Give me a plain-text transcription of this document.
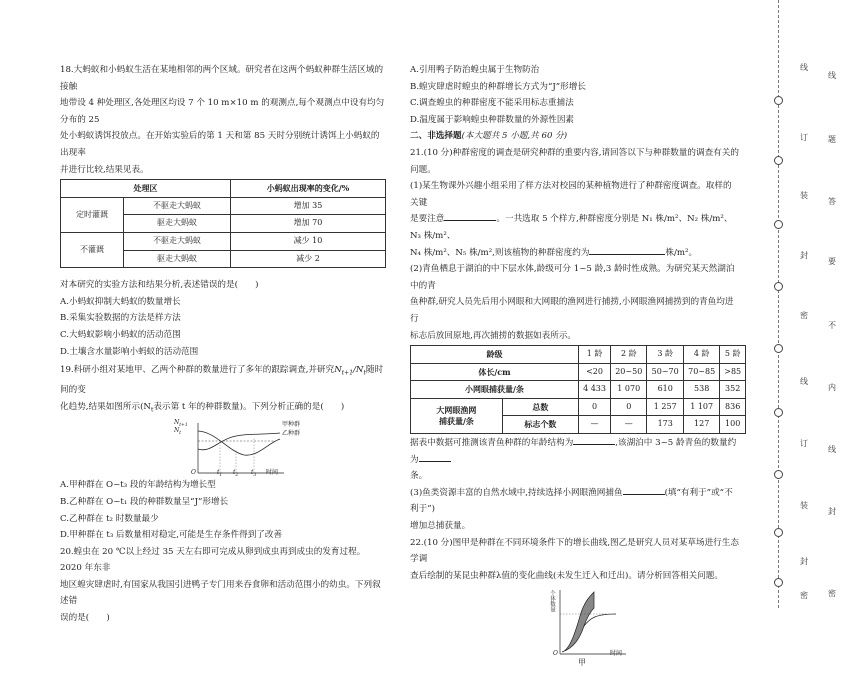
18.大蚂蚁和小蚂蚁生活在某地相邻的两个区域。研究者在这两个蚂蚁种群生活区域的接触

地带设 4 种处理区,各处理区均设 7 个 10 m×10 m 的观测点,每个观测点中设有均匀分布的 25

处小蚂蚁诱饵投放点。在开始实验后的第 1 天和第 85 天时分别统计诱饵上小蚂蚁的出现率

并进行比较,结果见表。

处理区		小蚂蚁出现率的变化/%
定时灌溉	不驱走大蚂蚁	增加 35
	驱走大蚂蚁	增加 70
不灌溉	不驱走大蚂蚁	减少 10
	驱走大蚂蚁	减少 2

对本研究的实验方法和结果分析,表述错误的是(　　)

A.小蚂蚁抑制大蚂蚁的数量增长

B.采集实验数据的方法是样方法

C.大蚂蚁影响小蚂蚁的活动范围

D.土壤含水量影响小蚂蚁的活动范围

19.科研小组对某地甲、乙两个种群的数量进行了多年的跟踪调查,并研究$N_{t+1}/N_t$随时间的变

化趋势,结果如图所示($N_t$表示第 t 年的种群数量)。下列分析正确的是(　　)

甲种群
乙种群
$N_{t+1}$
$N_t$
O	$t_1$ $t_2$ $t_3$ 时间

A.甲种群在 O~t₃ 段的年龄结构为增长型

B.乙种群在 O~t₁ 段的种群数量呈“J”形增长

C.乙种群在 t₂ 时数量最少

D.甲种群在 t₃ 后数量相对稳定,可能是生存条件得到了改善

20.蝗虫在 20 ℃以上经过 35 天左右即可完成从卵到成虫再到成虫的发育过程。2020 年东非

地区蝗灾肆虐时,有国家从我国引进鸭子专门用来吞食卵和活动范围小的幼虫。下列叙述错

误的是(　　)

A.引用鸭子防治蝗虫属于生物防治

B.蝗灾肆虐时蝗虫的种群增长方式为“J”形增长

C.调查蝗虫的种群密度不能采用标志重捕法

D.温度属于影响蝗虫种群数量的外源性因素

二、非选择题(本大题共 5 小题,共 60 分)

21.(10 分)种群密度的调查是研究种群的重要内容,请回答以下与种群数量的调查有关的问题。

(1)某生物课外兴趣小组采用了样方法对校园的某种植物进行了种群密度调查。取样的关键

是要注意	。一共选取 5 个样方,种群密度分别是 N₁ 株/m²、N₂ 株/m²、N₃ 株/m²、

N₄ 株/m²、N₅ 株/m²,则该植物的种群密度约为	株/m²。

(2)青鱼栖息于湖泊的中下层水体,龄级可分 1~5 龄,3 龄时性成熟。为研究某天然湖泊中的青

鱼种群,研究人员先后用小网眼和大网眼的渔网进行捕捞,小网眼渔网捕捞到的青鱼均进行

标志后放回原地,再次捕捞的数据如表所示。

龄级		1 龄	2 龄	3 龄	4 龄	5 龄
体长/cm		<20	20~50	50~70	70~85	>85
小网眼捕获量/条		4 433	1 070	610	538	352
大网眼渔网
捕获量/条	总数	0	0	1 257	1 107	836
	标志个数	—	—	173	127	100

据表中数据可推测该青鱼种群的年龄结构为	,该湖泊中 3~5 龄青鱼的数量约为

条。

(3)鱼类资源丰富的自然水域中,持续选择小网眼渔网捕鱼	(填“有利于”或“不利于”)

增加总捕获量。

22.(10 分)图甲是种群在不同环境条件下的增长曲线,图乙是研究人员对某草场进行生态学调

查后绘制的某昆虫种群λ值的变化曲线(未发生迁入和迁出)。请分析回答相关问题。

个体数量
O	时间
甲
线
订
装
封
密
线
订
装
封
密
线
题
答
要
不
内
线
封
密
